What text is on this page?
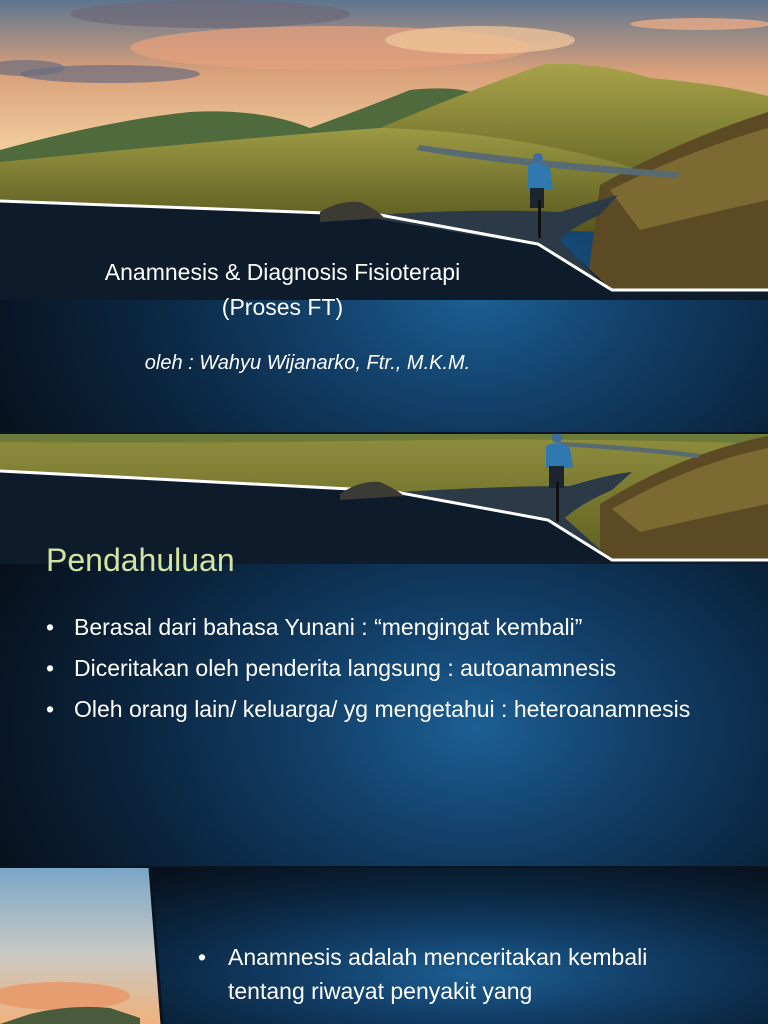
Anamnesis & Diagnosis Fisioterapi
(Proses FT)
oleh : Wahyu Wijanarko, Ftr., M.K.M.
Pendahuluan
• Berasal dari bahasa Yunani : “mengingat kembali”
• Diceritakan oleh penderita langsung : autoanamnesis
• Oleh orang lain/ keluarga/ yg mengetahui : heteroanamnesis
• Anamnesis adalah menceritakan kembali tentang riwayat penyakit yang
